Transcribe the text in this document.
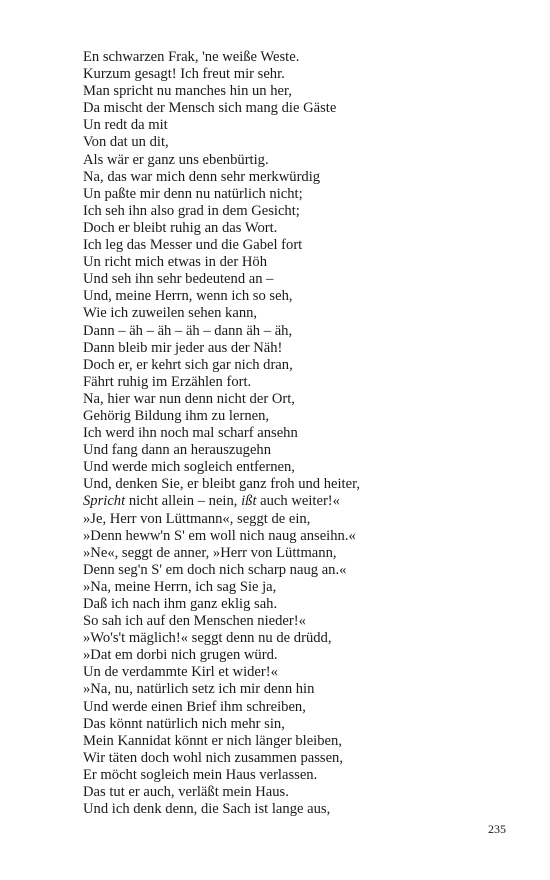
En schwarzen Frak, 'ne weiße Weste.
Kurzum gesagt! Ich freut mir sehr.
Man spricht nu manches hin un her,
Da mischt der Mensch sich mang die Gäste
Un redt da mit
Von dat un dit,
Als wär er ganz uns ebenbürtig.
Na, das war mich denn sehr merkwürdig
Un paßte mir denn nu natürlich nicht;
Ich seh ihn also grad in dem Gesicht;
Doch er bleibt ruhig an das Wort.
Ich leg das Messer und die Gabel fort
Un richt mich etwas in der Höh
Und seh ihn sehr bedeutend an –
Und, meine Herrn, wenn ich so seh,
Wie ich zuweilen sehen kann,
Dann – äh – äh – äh – dann äh – äh,
Dann bleib mir jeder aus der Näh!
Doch er, er kehrt sich gar nich dran,
Fährt ruhig im Erzählen fort.
Na, hier war nun denn nicht der Ort,
Gehörig Bildung ihm zu lernen,
Ich werd ihn noch mal scharf ansehn
Und fang dann an herauszugehn
Und werde mich sogleich entfernen,
Und, denken Sie, er bleibt ganz froh und heiter,
Spricht nicht allein – nein, ißt auch weiter!«
»Je, Herr von Lüttmann«, seggt de ein,
»Denn heww'n S' em woll nich naug anseihn.«
»Ne«, seggt de anner, »Herr von Lüttmann,
Denn seg'n S' em doch nich scharp naug an.«
»Na, meine Herrn, ich sag Sie ja,
Daß ich nach ihm ganz eklig sah.
So sah ich auf den Menschen nieder!«
»Wo's't mäglich!« seggt denn nu de drüdd,
»Dat em dorbi nich grugen würd.
Un de verdammte Kirl et wider!«
»Na, nu, natürlich setz ich mir denn hin
Und werde einen Brief ihm schreiben,
Das könnt natürlich nich mehr sin,
Mein Kannidat könnt er nich länger bleiben,
Wir täten doch wohl nich zusammen passen,
Er möcht sogleich mein Haus verlassen.
Das tut er auch, verläßt mein Haus.
Und ich denk denn, die Sach ist lange aus,
235
